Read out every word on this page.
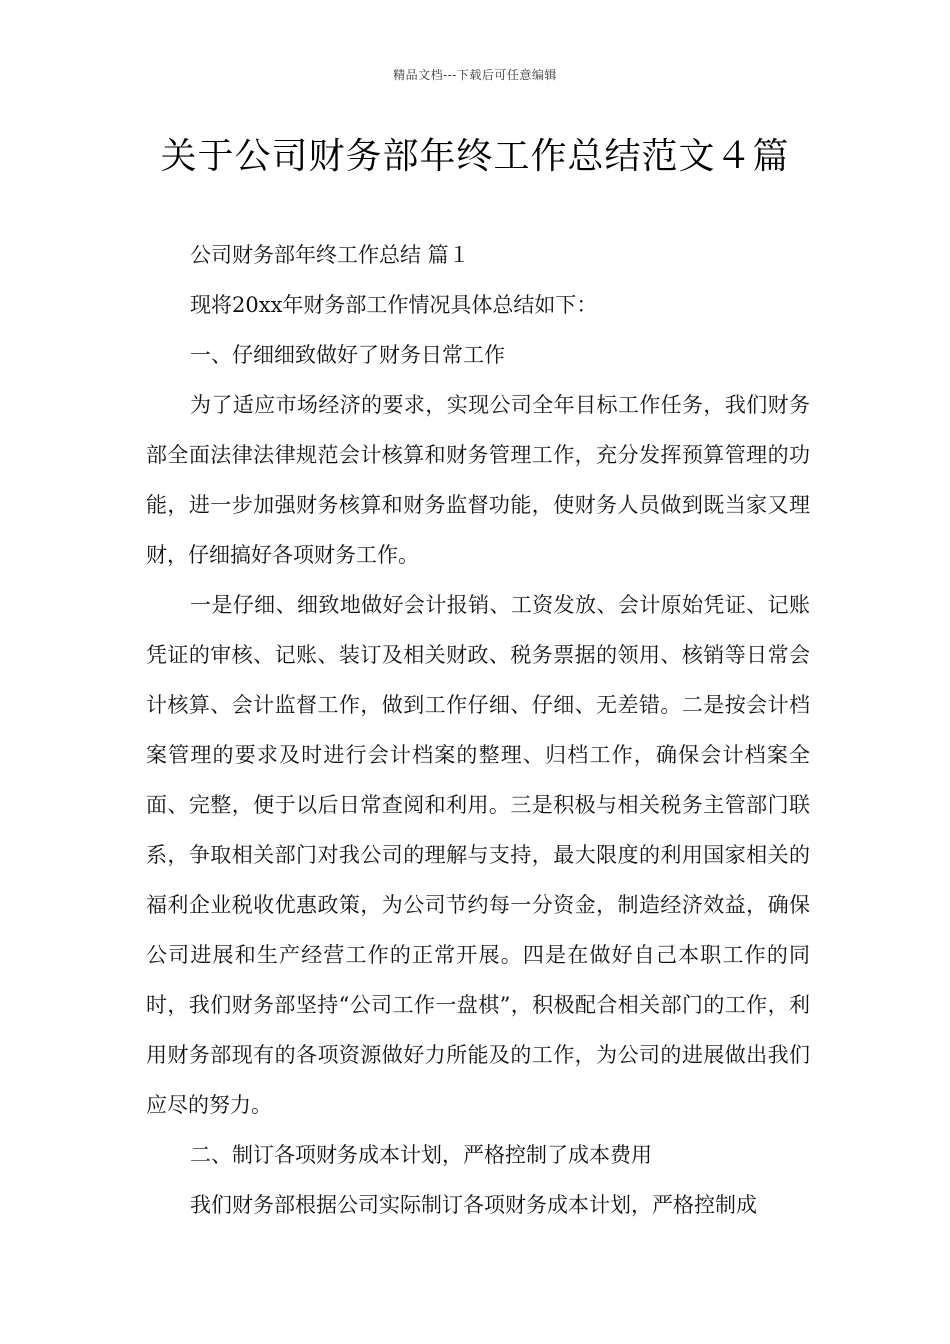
精品文档---下载后可任意编辑
关于公司财务部年终工作总结范文４篇

公司财务部年终工作总结 篇１

现将20xx年财务部工作情况具体总结如下：

一、仔细细致做好了财务日常工作

为了适应市场经济的要求，实现公司全年目标工作任务，我们财务部全面法律法律规范会计核算和财务管理工作，充分发挥预算管理的功能，进一步加强财务核算和财务监督功能，使财务人员做到既当家又理财，仔细搞好各项财务工作。

一是仔细、细致地做好会计报销、工资发放、会计原始凭证、记账凭证的审核、记账、装订及相关财政、税务票据的领用、核销等日常会计核算、会计监督工作，做到工作仔细、仔细、无差错。二是按会计档案管理的要求及时进行会计档案的整理、归档工作，确保会计档案全面、完整，便于以后日常查阅和利用。三是积极与相关税务主管部门联系，争取相关部门对我公司的理解与支持，最大限度的利用国家相关的福利企业税收优惠政策，为公司节约每一分资金，制造经济效益，确保公司进展和生产经营工作的正常开展。四是在做好自己本职工作的同时，我们财务部坚持“公司工作一盘棋”，积极配合相关部门的工作，利用财务部现有的各项资源做好力所能及的工作，为公司的进展做出我们应尽的努力。

二、制订各项财务成本计划，严格控制了成本费用

我们财务部根据公司实际制订各项财务成本计划，严格控制成
